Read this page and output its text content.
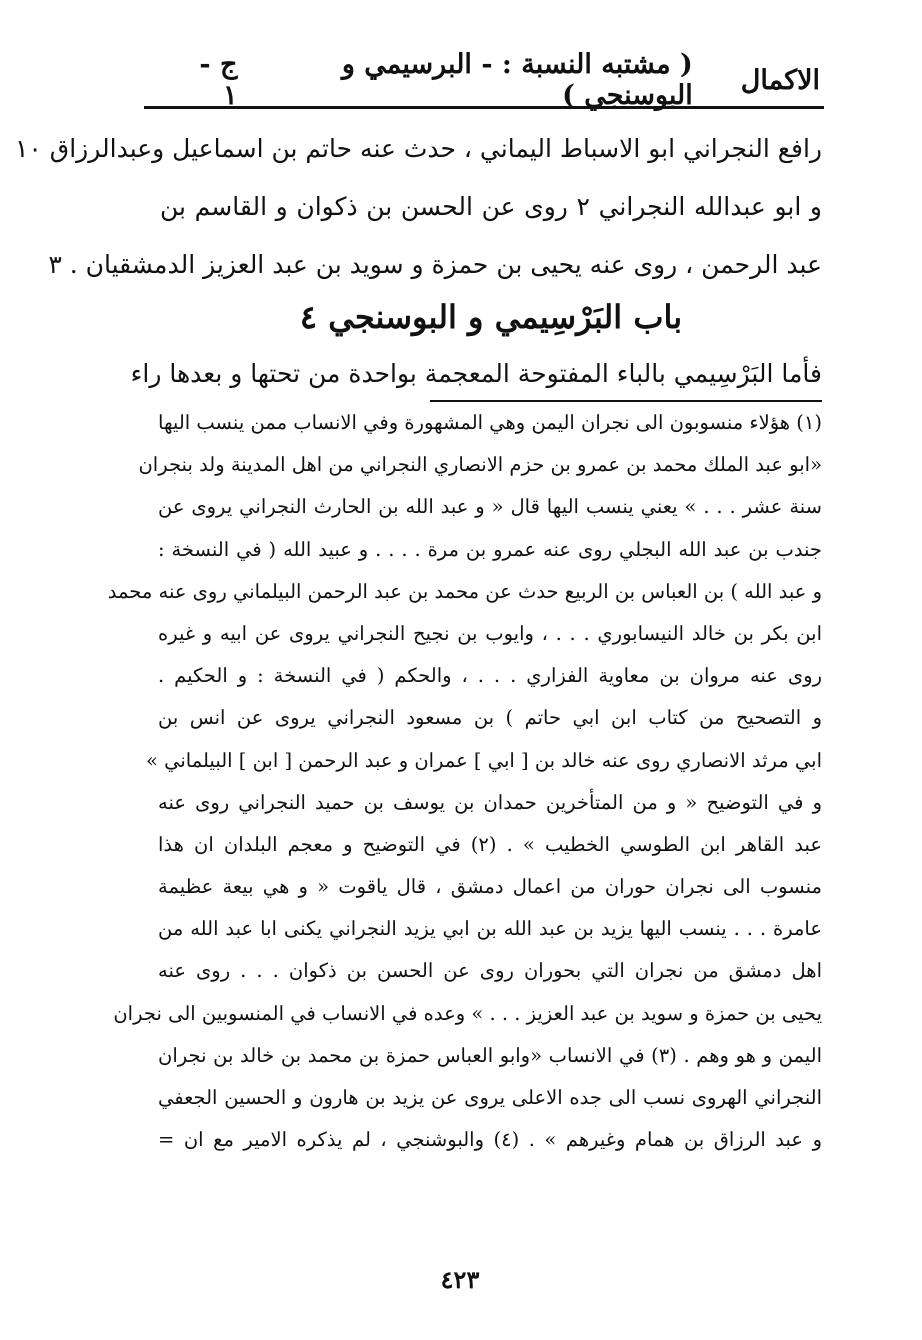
الاكمال
( مشتبه النسبة : - البرسيمي و البوسنجي )
ج - ١
رافع النجراني ابو الاسباط اليماني ، حدث عنه حاتم بن اسماعيل وعبدالرزاق ١٠
و ابو عبدالله النجراني ٢ روى عن الحسن بن ذكوان و القاسم بن
عبد الرحمن ، روى عنه يحيى بن حمزة و سويد بن عبد العزيز الدمشقيان . ٣
باب البَرْسِيمي و البوسنجي ٤
فأما البَرْسِيمي بالباء المفتوحة المعجمة بواحدة من تحتها و بعدها راء
(١) هؤلاء منسوبون الى نجران اليمن وهي المشهورة وفي الانساب ممن ينسب اليها
«ابو عبد الملك محمد بن عمرو بن حزم الانصاري النجراني من اهل المدينة ولد بنجران
سنة عشر . . . » يعني ينسب اليها قال « و عبد الله بن الحارث النجراني يروى عن
جندب بن عبد الله البجلي روى عنه عمرو بن مرة . . . . و عبيد الله ( في النسخة :
و عبد الله ) بن العباس بن الربيع حدث عن محمد بن عبد الرحمن البيلماني روى عنه محمد
ابن بكر بن خالد النيسابوري . . . ، وايوب بن نجيح النجراني يروى عن ابيه و غيره
روى عنه مروان بن معاوية الفزاري . . . ، والحكم ( في النسخة : و الحكيم .
و التصحيح من كتاب ابن ابي حاتم ) بن مسعود النجراني يروى عن انس بن
ابي مرثد الانصاري روى عنه خالد بن [ ابي ] عمران و عبد الرحمن [ ابن ] البيلماني »
و في التوضيح « و من المتأخرين حمدان بن يوسف بن حميد النجراني روى عنه
عبد القاهر ابن الطوسي الخطيب » . (٢) في التوضيح و معجم البلدان ان هذا
منسوب الى نجران حوران من اعمال دمشق ، قال ياقوت « و هي بيعة عظيمة
عامرة . . . ينسب اليها يزيد بن عبد الله بن ابي يزيد النجراني يكنى ابا عبد الله من
اهل دمشق من نجران التي بحوران روى عن الحسن بن ذكوان . . . روى عنه
يحيى بن حمزة و سويد بن عبد العزيز . . . » وعده في الانساب في المنسوبين الى نجران
اليمن و هو وهم . (٣) في الانساب «وابو العباس حمزة بن محمد بن خالد بن نجران
النجراني الهروى نسب الى جده الاعلى يروى عن يزيد بن هارون و الحسين الجعفي
و عبد الرزاق بن همام وغيرهم » . (٤) والبوشنجي ، لم يذكره الامير مع ان =
٤٢٣
